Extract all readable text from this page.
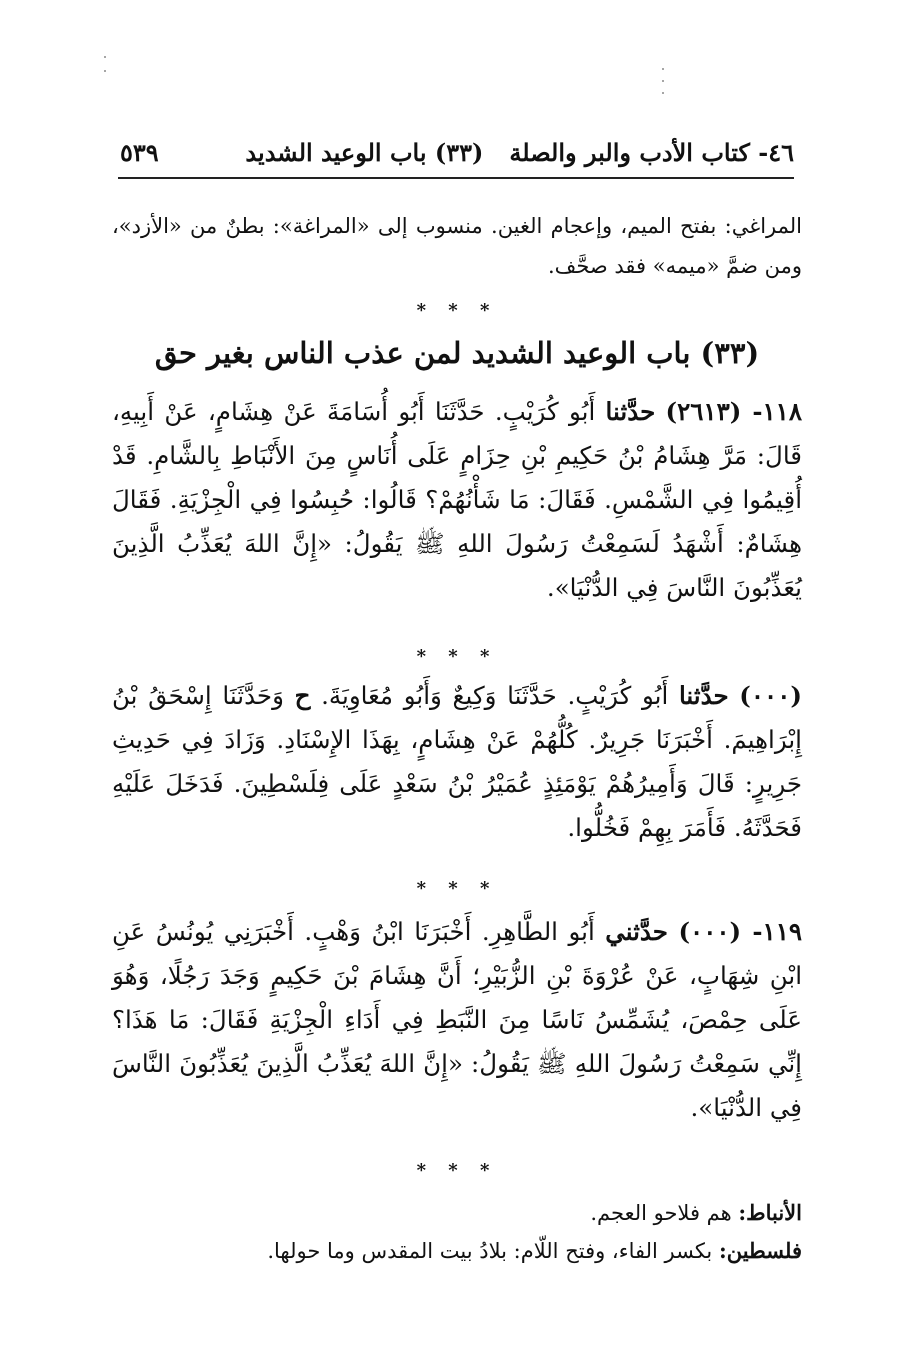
٥٣٩	٤٦- كتاب الأدب والبر والصلة(٣٣) باب الوعيد الشديد
المراغي: بفتح الميم، وإعجام الغين. منسوب إلى «المراغة»: بطنٌ من «الأزد»، ومن ضمَّ «ميمه» فقد صحَّف.
* * *
(٣٣) باب الوعيد الشديد لمن عذب الناس بغير حق
١١٨- (٢٦١٣) حدَّثنا أَبُو كُرَيْبٍ. حَدَّثَنَا أَبُو أُسَامَةَ عَنْ هِشَامٍ، عَنْ أَبِيهِ، قَالَ: مَرَّ هِشَامُ بْنُ حَكِيمِ بْنِ حِزَامٍ عَلَى أُنَاسٍ مِنَ الأَنْبَاطِ بِالشَّامِ. قَدْ أُقِيمُوا فِي الشَّمْسِ. فَقَالَ: مَا شَأْنُهُمْ؟ قَالُوا: حُبِسُوا فِي الْجِزْيَةِ. فَقَالَ هِشَامٌ: أَشْهَدُ لَسَمِعْتُ رَسُولَ اللهِ ﷺ يَقُولُ: «إِنَّ اللهَ يُعَذِّبُ الَّذِينَ يُعَذِّبُونَ النَّاسَ فِي الدُّنْيَا».
* * *
(٠٠٠) حدَّثنا أَبُو كُرَيْبٍ. حَدَّثَنَا وَكِيعٌ وَأَبُو مُعَاوِيَةَ. ح وَحَدَّثَنَا إِسْحَقُ بْنُ إِبْرَاهِيمَ. أَخْبَرَنَا جَرِيرٌ. كُلُّهُمْ عَنْ هِشَامٍ، بِهَذَا الإِسْنَادِ. وَزَادَ فِي حَدِيثِ جَرِيرٍ: قَالَ وَأَمِيرُهُمْ يَوْمَئِذٍ عُمَيْرُ بْنُ سَعْدٍ عَلَى فِلَسْطِينَ. فَدَخَلَ عَلَيْهِ فَحَدَّثَهُ. فَأَمَرَ بِهِمْ فَخُلُّوا.
* * *
١١٩- (٠٠٠) حدَّثني أَبُو الطَّاهِرِ. أَخْبَرَنَا ابْنُ وَهْبٍ. أَخْبَرَنِي يُونُسُ عَنِ ابْنِ شِهَابٍ، عَنْ عُرْوَةَ بْنِ الزُّبَيْرِ؛ أَنَّ هِشَامَ بْنَ حَكِيمٍ وَجَدَ رَجُلًا، وَهُوَ عَلَى حِمْصَ، يُشَمِّسُ نَاسًا مِنَ النَّبَطِ فِي أَدَاءِ الْجِزْيَةِ فَقَالَ: مَا هَذَا؟ إِنِّي سَمِعْتُ رَسُولَ اللهِ ﷺ يَقُولُ: «إِنَّ اللهَ يُعَذِّبُ الَّذِينَ يُعَذِّبُونَ النَّاسَ فِي الدُّنْيَا».
* * *
الأنباط: هم فلاحو العجم.
فلسطين: بكسر الفاء، وفتح اللّام: بلادُ بيت المقدس وما حولها.
